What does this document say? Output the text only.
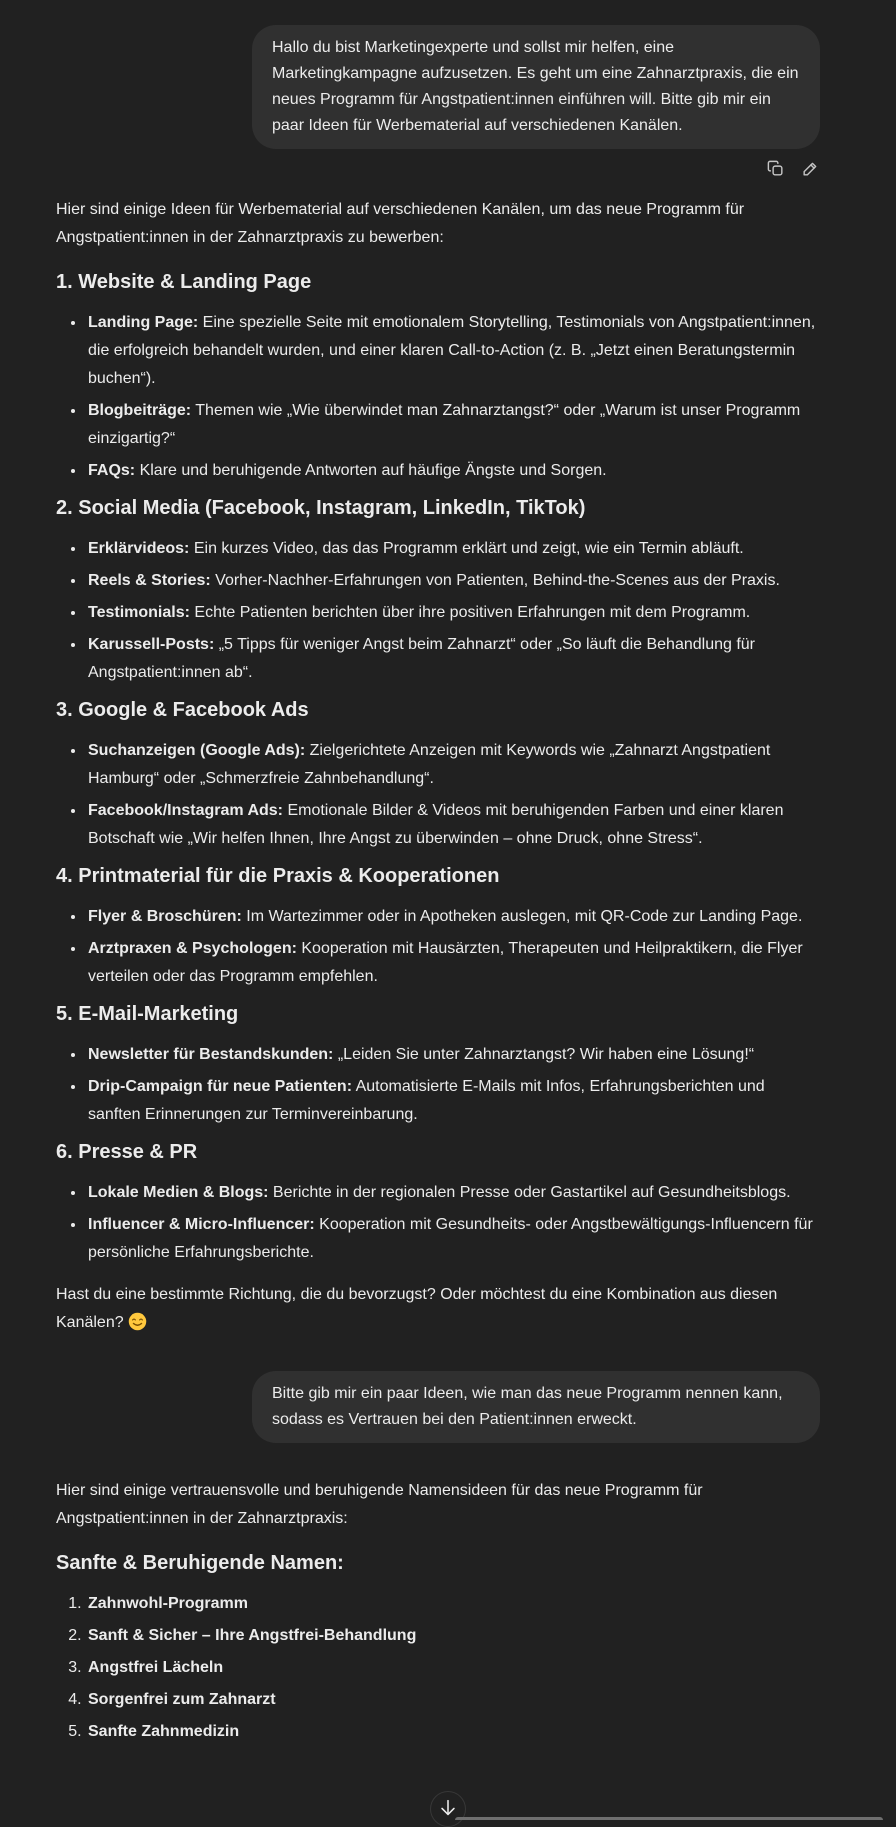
Hallo du bist Marketingexperte und sollst mir helfen, eine Marketingkampagne aufzusetzen. Es geht um eine Zahnarztpraxis, die ein neues Programm für Angstpatient:innen einführen will. Bitte gib mir ein paar Ideen für Werbematerial auf verschiedenen Kanälen.

Hier sind einige Ideen für Werbematerial auf verschiedenen Kanälen, um das neue Programm für Angstpatient:innen in der Zahnarztpraxis zu bewerben:

1. Website & Landing Page
• Landing Page: Eine spezielle Seite mit emotionalem Storytelling, Testimonials von Angstpatient:innen, die erfolgreich behandelt wurden, und einer klaren Call-to-Action (z. B. „Jetzt einen Beratungstermin buchen“).
• Blogbeiträge: Themen wie „Wie überwindet man Zahnarztangst?“ oder „Warum ist unser Programm einzigartig?“
• FAQs: Klare und beruhigende Antworten auf häufige Ängste und Sorgen.
2. Social Media (Facebook, Instagram, LinkedIn, TikTok)
• Erklärvideos: Ein kurzes Video, das das Programm erklärt und zeigt, wie ein Termin abläuft.
• Reels & Stories: Vorher-Nachher-Erfahrungen von Patienten, Behind-the-Scenes aus der Praxis.
• Testimonials: Echte Patienten berichten über ihre positiven Erfahrungen mit dem Programm.
• Karussell-Posts: „5 Tipps für weniger Angst beim Zahnarzt“ oder „So läuft die Behandlung für Angstpatient:innen ab“.
3. Google & Facebook Ads
• Suchanzeigen (Google Ads): Zielgerichtete Anzeigen mit Keywords wie „Zahnarzt Angstpatient Hamburg“ oder „Schmerzfreie Zahnbehandlung“.
• Facebook/Instagram Ads: Emotionale Bilder & Videos mit beruhigenden Farben und einer klaren Botschaft wie „Wir helfen Ihnen, Ihre Angst zu überwinden – ohne Druck, ohne Stress“.
4. Printmaterial für die Praxis & Kooperationen
• Flyer & Broschüren: Im Wartezimmer oder in Apotheken auslegen, mit QR-Code zur Landing Page.
• Arztpraxen & Psychologen: Kooperation mit Hausärzten, Therapeuten und Heilpraktikern, die Flyer verteilen oder das Programm empfehlen.
5. E-Mail-Marketing
• Newsletter für Bestandskunden: „Leiden Sie unter Zahnarztangst? Wir haben eine Lösung!“
• Drip-Campaign für neue Patienten: Automatisierte E-Mails mit Infos, Erfahrungsberichten und sanften Erinnerungen zur Terminvereinbarung.
6. Presse & PR
• Lokale Medien & Blogs: Berichte in der regionalen Presse oder Gastartikel auf Gesundheitsblogs.
• Influencer & Micro-Influencer: Kooperation mit Gesundheits- oder Angstbewältigungs-Influencern für persönliche Erfahrungsberichte.

Hast du eine bestimmte Richtung, die du bevorzugst? Oder möchtest du eine Kombination aus diesen Kanälen?

Bitte gib mir ein paar Ideen, wie man das neue Programm nennen kann, sodass es Vertrauen bei den Patient:innen erweckt.

Hier sind einige vertrauensvolle und beruhigende Namensideen für das neue Programm für Angstpatient:innen in der Zahnarztpraxis:

Sanfte & Beruhigende Namen:
1. Zahnwohl-Programm
2. Sanft & Sicher – Ihre Angstfrei-Behandlung
3. Angstfrei Lächeln
4. Sorgenfrei zum Zahnarzt
5. Sanfte Zahnmedizin
